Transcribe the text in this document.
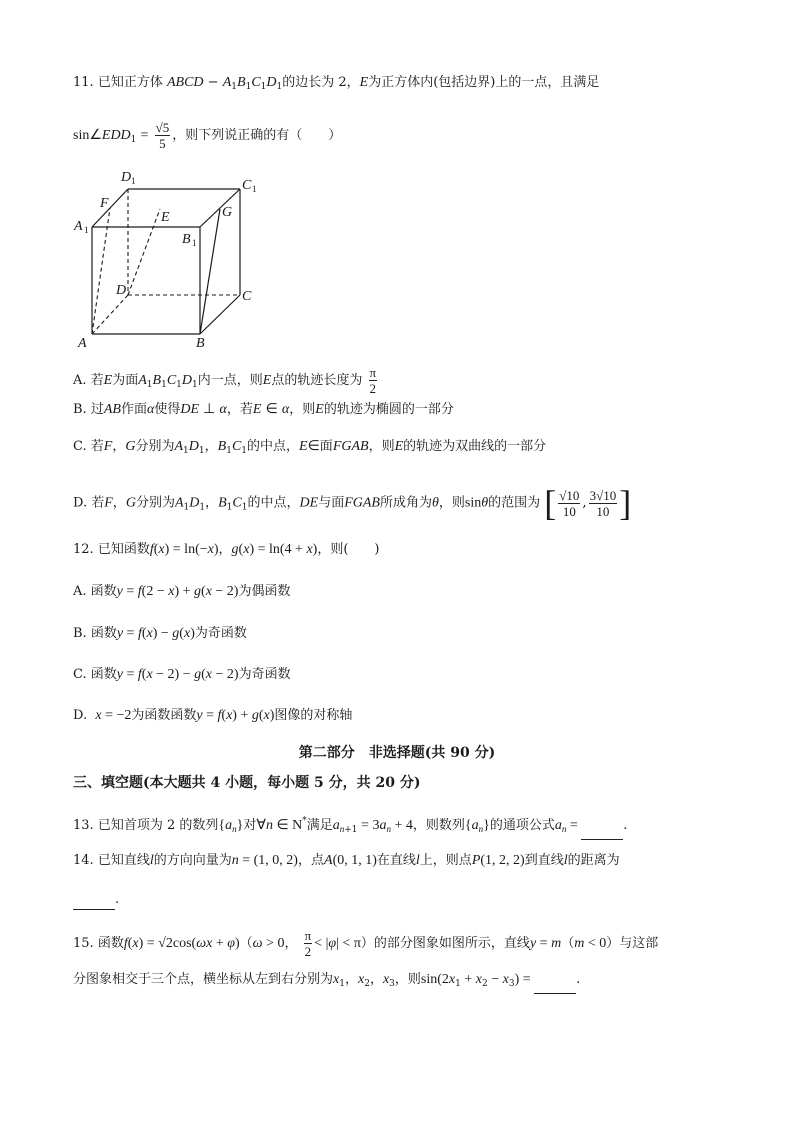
11. 已知正方体 ABCD − $A_1B_1C_1D_1$的边长为 2，E为正方体内(包括边界)上的一点，且满足
$\sin\angle EDD_1 = \frac{√5}{5}$ ，则下列说正确的有（　　）
D 1	C 1
A 1
B 1
F
E	G
D	C
A	B
A. 若E为面$A_1B_1C_1D_1$内一点，则E点的轨迹长度为 $\frac{\pi}{2}$
B. 过AB作面α使得DE ⊥ α，若E ∈ α，则E的轨迹为椭圆的一部分
C. 若F，G分别为$A_1D_1$，$B_1C_1$的中点，E∈面FGAB，则E的轨迹为双曲线的一部分
D. 若F，G分别为$A_1D_1$，$B_1C_1$的中点，DE与面FGAB所成角为θ，则sinθ的范围为 [ $\frac{√10}{10}$ , $\frac{3√10}{10}$ ]
12. 已知函数f(x) = ln(−x)，g(x) = ln(4 + x)，则(　　)
A. 函数y = f(2 − x) + g(x − 2)为偶函数
B. 函数y = f(x) − g(x)为奇函数
C. 函数y = f(x − 2) − g(x − 2)为奇函数
D. x = −2为函数函数y = f(x) + g(x)图像的对称轴
第二部分　非选择题(共 90 分)
三、填空题(本大题共 4 小题，每小题 5 分，共 20 分)
13. 已知首项为 2 的数列$\{a_n\}$对∀n ∈ N*满足$a_{n+1} = 3a_n + 4$，则数列$\{a_n\}$的通项公式$a_n$ =	.
14. 已知直线l的方向向量为n = (1, 0, 2)，点A(0, 1, 1)在直线l上，则点P(1, 2, 2)到直线l的距离为
.
15. 函数f(x) = √2cos(ωx + φ)（ω > 0， $\frac{\pi}{2} < |\varphi| < \pi$）的部分图象如图所示，直线y = m（m < 0）与这部
分图象相交于三个点，横坐标从左到右分别为$x_1$，$x_2$，$x_3$，则$\sin(2x_1 + x_2 - x_3)$ =	.
